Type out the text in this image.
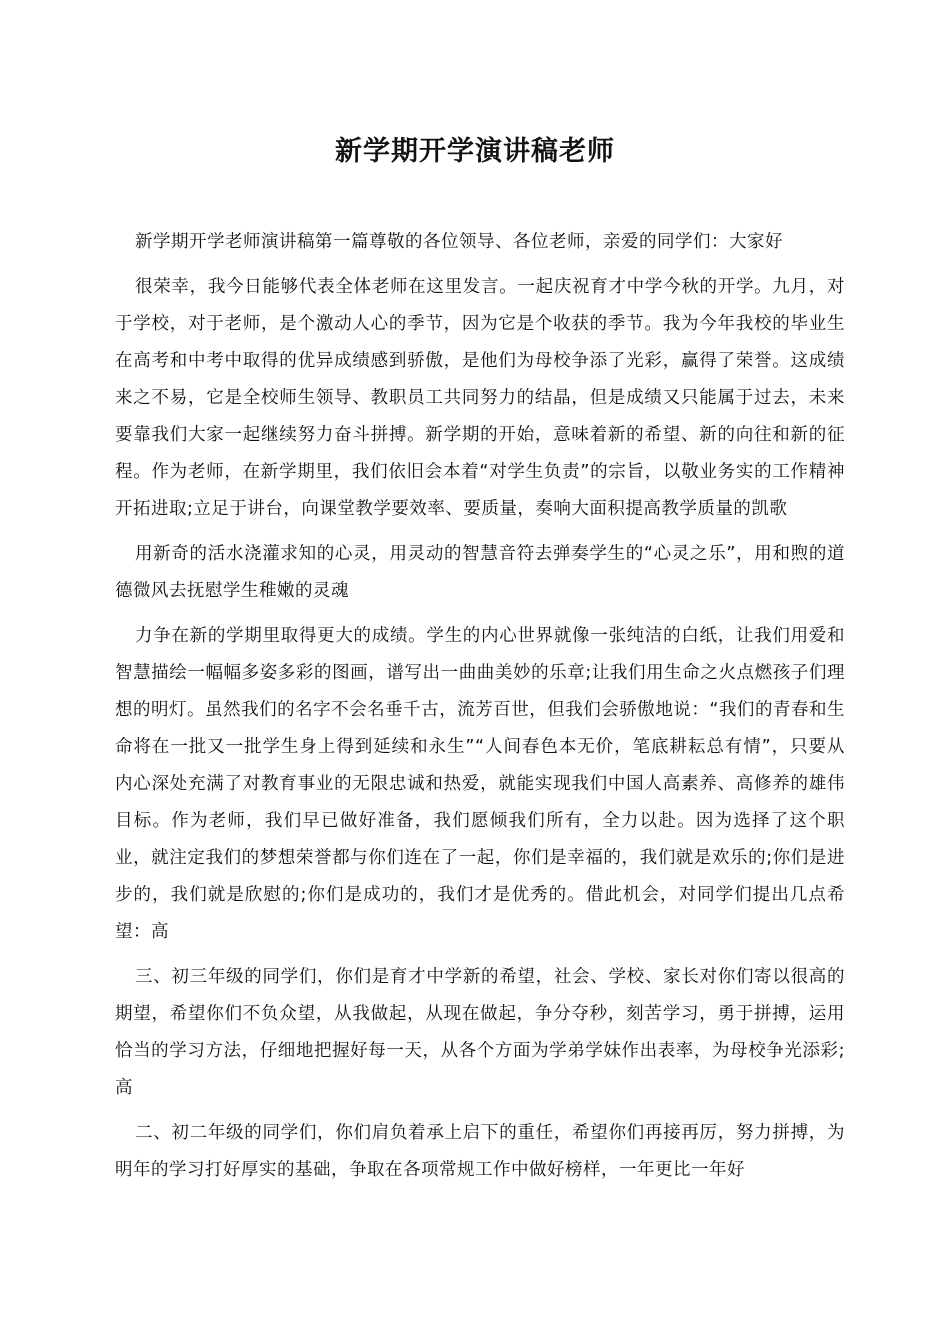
新学期开学演讲稿老师

新学期开学老师演讲稿第一篇尊敬的各位领导、各位老师，亲爱的同学们：大家好

很荣幸，我今日能够代表全体老师在这里发言。一起庆祝育才中学今秋的开学。九月，对于学校，对于老师，是个激动人心的季节，因为它是个收获的季节。我为今年我校的毕业生在高考和中考中取得的优异成绩感到骄傲，是他们为母校争添了光彩，赢得了荣誉。这成绩来之不易，它是全校师生领导、教职员工共同努力的结晶，但是成绩又只能属于过去，未来要靠我们大家一起继续努力奋斗拼搏。新学期的开始，意味着新的希望、新的向往和新的征程。作为老师，在新学期里，我们依旧会本着“对学生负责”的宗旨，以敬业务实的工作精神开拓进取;立足于讲台，向课堂教学要效率、要质量，奏响大面积提高教学质量的凯歌

用新奇的活水浇灌求知的心灵，用灵动的智慧音符去弹奏学生的“心灵之乐”，用和煦的道德微风去抚慰学生稚嫩的灵魂

力争在新的学期里取得更大的成绩。学生的内心世界就像一张纯洁的白纸，让我们用爱和智慧描绘一幅幅多姿多彩的图画，谱写出一曲曲美妙的乐章;让我们用生命之火点燃孩子们理想的明灯。虽然我们的名字不会名垂千古，流芳百世，但我们会骄傲地说：“我们的青春和生命将在一批又一批学生身上得到延续和永生”“人间春色本无价，笔底耕耘总有情”，只要从内心深处充满了对教育事业的无限忠诚和热爱，就能实现我们中国人高素养、高修养的雄伟目标。作为老师，我们早已做好准备，我们愿倾我们所有，全力以赴。因为选择了这个职业，就注定我们的梦想荣誉都与你们连在了一起，你们是幸福的，我们就是欢乐的;你们是进步的，我们就是欣慰的;你们是成功的，我们才是优秀的。借此机会，对同学们提出几点希望：高

三、初三年级的同学们，你们是育才中学新的希望，社会、学校、家长对你们寄以很高的期望，希望你们不负众望，从我做起，从现在做起，争分夺秒，刻苦学习，勇于拼搏，运用恰当的学习方法，仔细地把握好每一天，从各个方面为学弟学妹作出表率，为母校争光添彩;高

二、初二年级的同学们，你们肩负着承上启下的重任，希望你们再接再厉，努力拼搏，为明年的学习打好厚实的基础，争取在各项常规工作中做好榜样，一年更比一年好
